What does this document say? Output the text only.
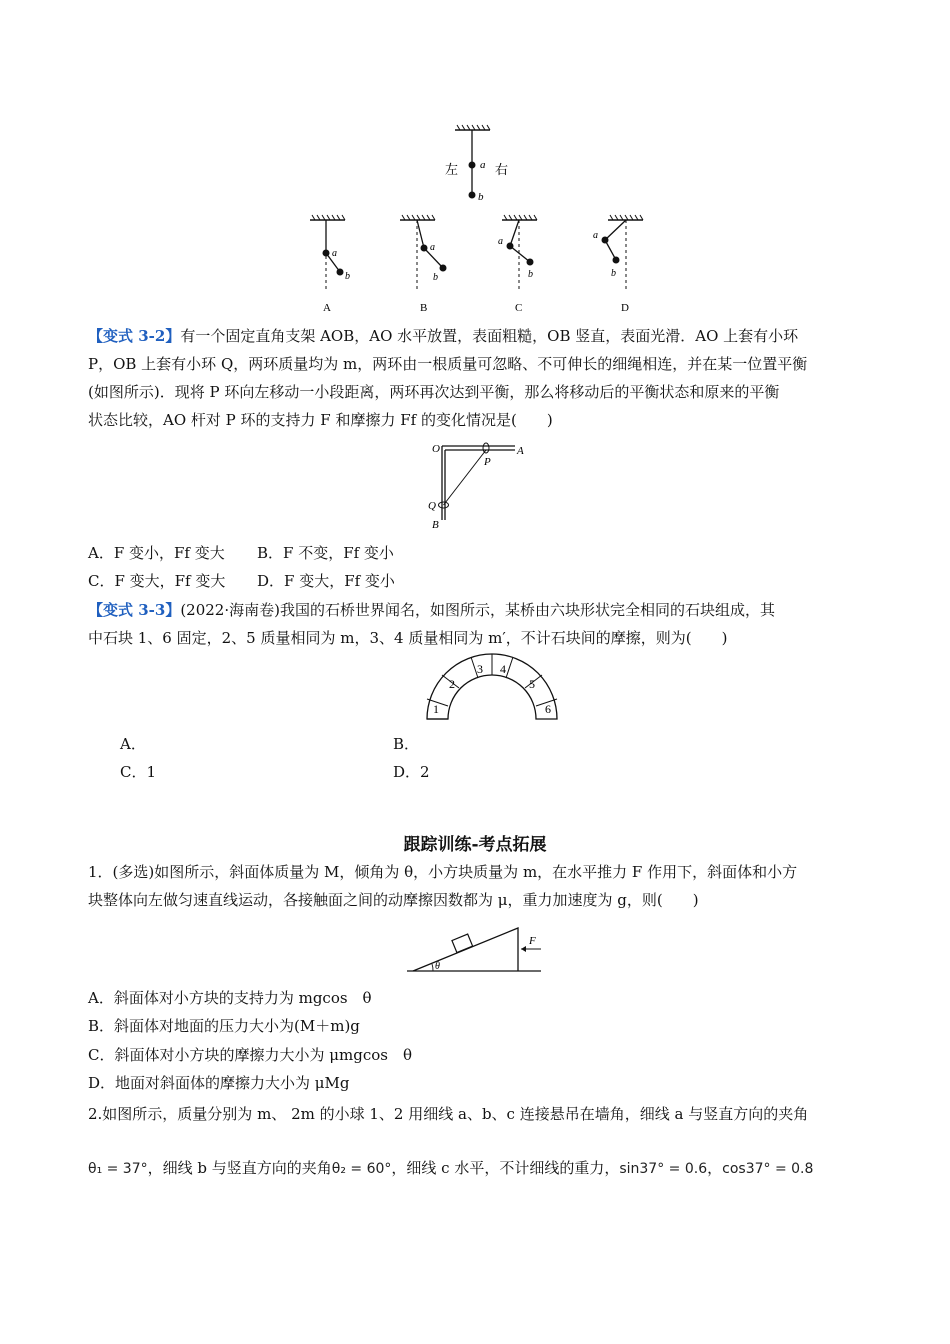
左 a 右
b
a
b
A
a
b
B
a
b
C
a
b
D
【变式 3-2】有一个固定直角支架 AOB，AO 水平放置，表面粗糙，OB 竖直，表面光滑．AO 上套有小环
P，OB 上套有小环 Q，两环质量均为 m，两环由一根质量可忽略、不可伸长的细绳相连，并在某一位置平衡
(如图所示)．现将 P 环向左移动一小段距离，两环再次达到平衡，那么将移动后的平衡状态和原来的平衡
状态比较，AO 杆对 P 环的支持力 F 和摩擦力 Ff 的变化情况是(　　)
O	A
P
Q
B
A．F 变小，Ff 变大 B．F 不变，Ff 变小
C．F 变大，Ff 变大 D．F 变大，Ff 变小
【变式 3-3】(2022·海南卷)我国的石桥世界闻名，如图所示，某桥由六块形状完全相同的石块组成，其
中石块 1、6 固定，2、5 质量相同为 m，3、4 质量相同为 m′，不计石块间的摩擦，则为(　　)
1
2
3 4
5
6
A．	B．
C．1	D．2
跟踪训练-考点拓展
1．(多选)如图所示，斜面体质量为 M，倾角为 θ，小方块质量为 m，在水平推力 F 作用下，斜面体和小方
块整体向左做匀速直线运动，各接触面之间的动摩擦因数都为 μ，重力加速度为 g，则(　　)
θ
F
A．斜面体对小方块的支持力为 mgcos　θ
B．斜面体对地面的压力大小为(M＋m)g
C．斜面体对小方块的摩擦力大小为 μmgcos　θ
D．地面对斜面体的摩擦力大小为 μMg
2.如图所示，质量分别为 m、 2m 的小球 1、2 用细线 a、b、c 连接悬吊在墙角，细线 a 与竖直方向的夹角
θ₁ = 37°，细线 b 与竖直方向的夹角θ₂ = 60°，细线 c 水平，不计细线的重力，sin37° = 0.6，cos37° = 0.8
